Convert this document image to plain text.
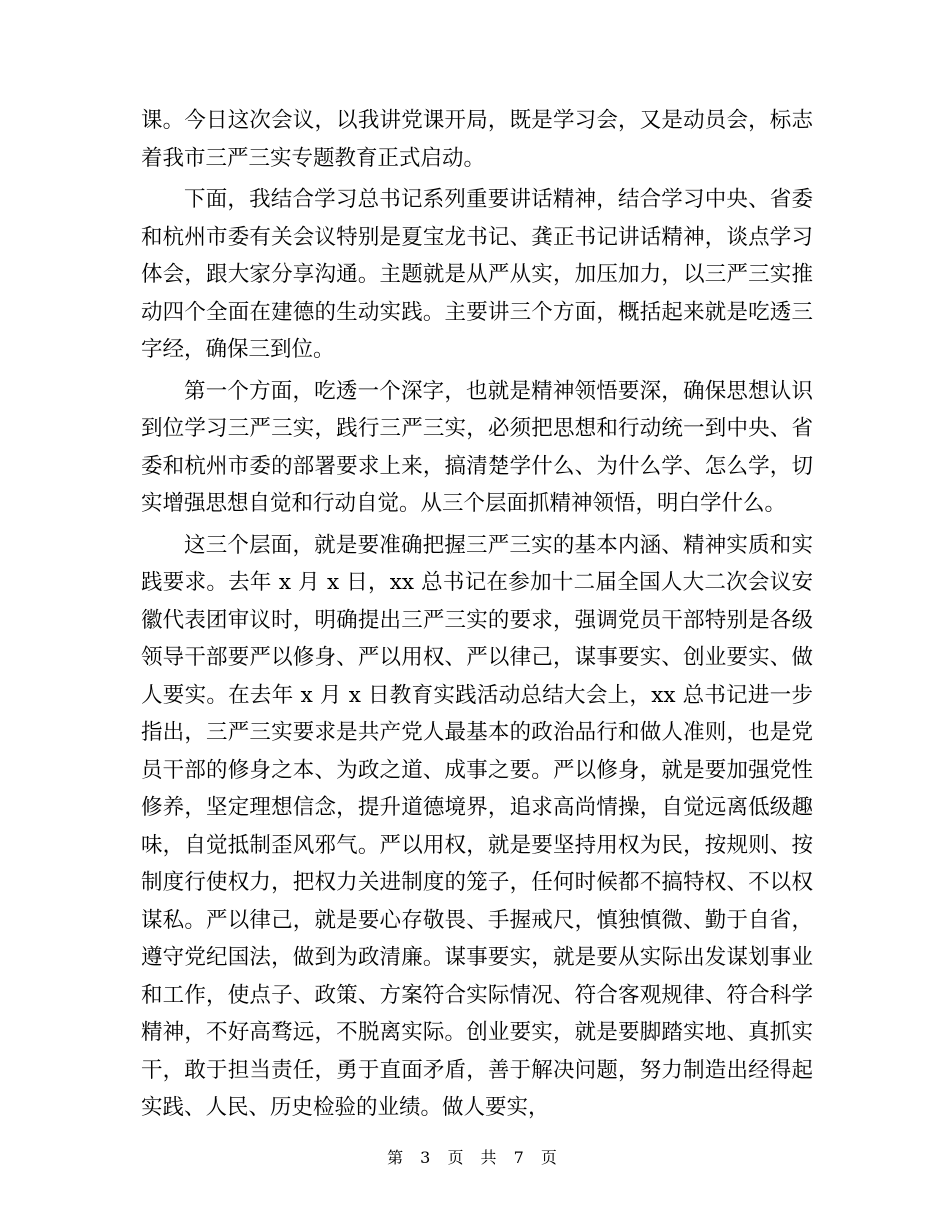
课。今日这次会议，以我讲党课开局，既是学习会，又是动员会，标志着我市三严三实专题教育正式启动。

下面，我结合学习总书记系列重要讲话精神，结合学习中央、省委和杭州市委有关会议特别是夏宝龙书记、龚正书记讲话精神，谈点学习体会，跟大家分享沟通。主题就是从严从实，加压加力，以三严三实推动四个全面在建德的生动实践。主要讲三个方面，概括起来就是吃透三字经，确保三到位。

第一个方面，吃透一个深字，也就是精神领悟要深，确保思想认识到位学习三严三实，践行三严三实，必须把思想和行动统一到中央、省委和杭州市委的部署要求上来，搞清楚学什么、为什么学、怎么学，切实增强思想自觉和行动自觉。从三个层面抓精神领悟，明白学什么。

这三个层面，就是要准确把握三严三实的基本内涵、精神实质和实践要求。去年 x 月 x 日，xx 总书记在参加十二届全国人大二次会议安徽代表团审议时，明确提出三严三实的要求，强调党员干部特别是各级领导干部要严以修身、严以用权、严以律己，谋事要实、创业要实、做人要实。在去年 x 月 x 日教育实践活动总结大会上，xx 总书记进一步指出，三严三实要求是共产党人最基本的政治品行和做人准则，也是党员干部的修身之本、为政之道、成事之要。严以修身，就是要加强党性修养，坚定理想信念，提升道德境界，追求高尚情操，自觉远离低级趣味，自觉抵制歪风邪气。严以用权，就是要坚持用权为民，按规则、按制度行使权力，把权力关进制度的笼子，任何时候都不搞特权、不以权谋私。严以律己，就是要心存敬畏、手握戒尺，慎独慎微、勤于自省，遵守党纪国法，做到为政清廉。谋事要实，就是要从实际出发谋划事业和工作，使点子、政策、方案符合实际情况、符合客观规律、符合科学精神，不好高骛远，不脱离实际。创业要实，就是要脚踏实地、真抓实干，敢于担当责任，勇于直面矛盾，善于解决问题，努力制造出经得起实践、人民、历史检验的业绩。做人要实，

第 3 页 共 7 页
